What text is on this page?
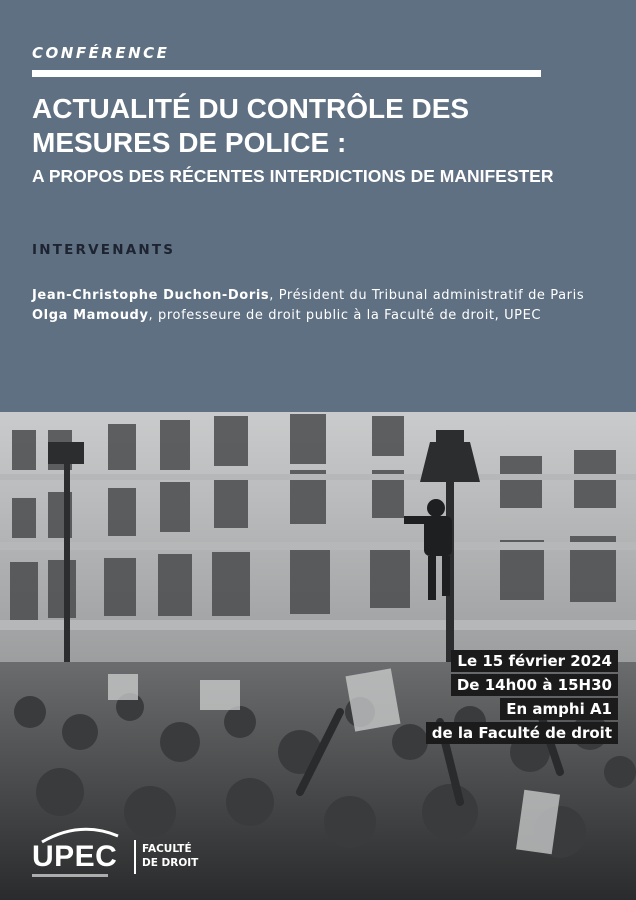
CONFÉRENCE
ACTUALITÉ DU CONTRÔLE DES MESURES DE POLICE :
A PROPOS DES RÉCENTES INTERDICTIONS DE MANIFESTER
INTERVENANTS

Jean-Christophe Duchon-Doris, Président du Tribunal administratif de Paris

Olga Mamoudy, professeure de droit public à la Faculté de droit, UPEC

Le 15 février 2024
De 14h00 à 15H30
En amphi A1
de la Faculté de droit
UPEC FACULTÉ
DE DROIT
